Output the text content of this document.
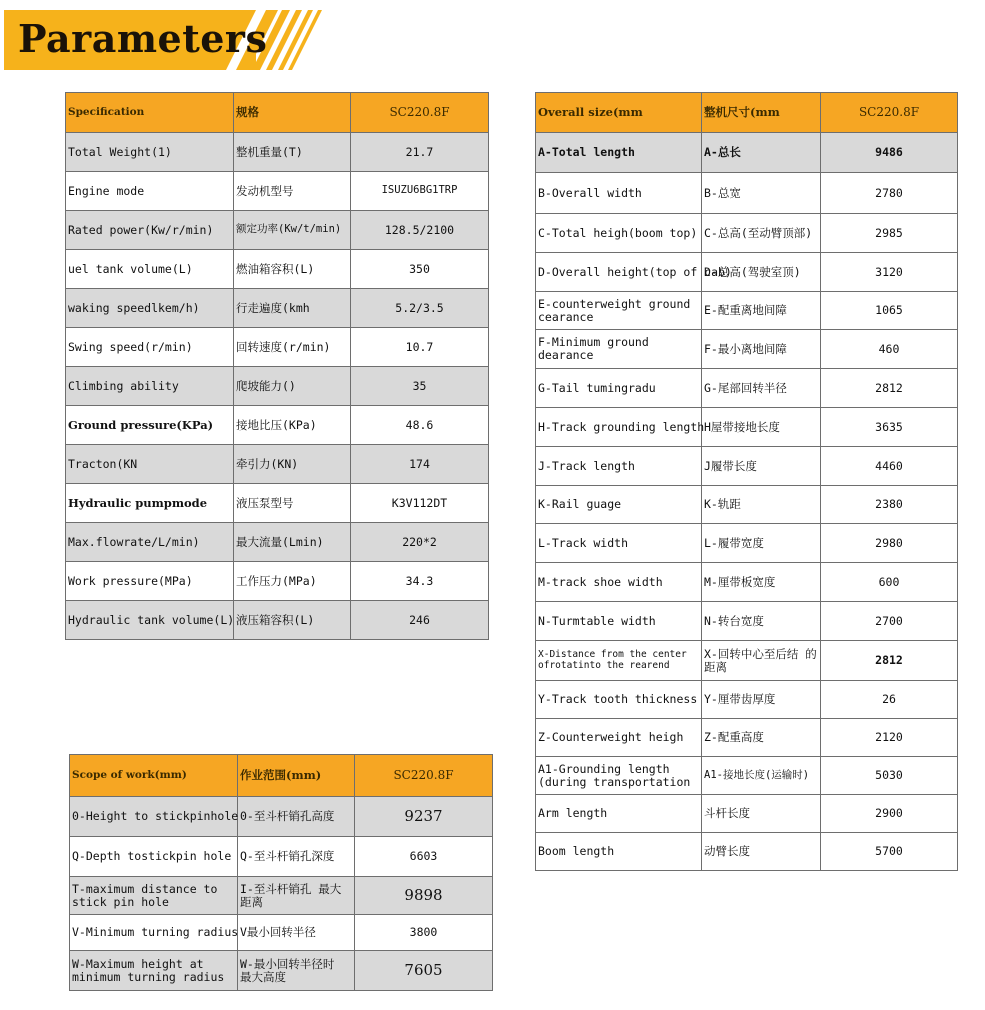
Parameters
Specification	规格	SC220.8F
Total Weight(1)	整机重量(T)	21.7
Engine mode	发动机型号	ISUZU6BG1TRP
Rated power(Kw/r/min)	额定功率(Kw/t/min)	128.5/2100
uel tank volume(L)	燃油箱容积(L)	350
waking speedlkem/h)	行走遍度(kmh	5.2/3.5
Swing speed(r/min)	回转速度(r/min)	10.7
Climbing ability	爬坡能力()	35
Ground pressure(KPa)	接地比压(KPa)	48.6
Tracton(KN	牵引力(KN)	174
Hydraulic pumpmode	液压泵型号	K3V112DT
Max.flowrate/L/min)	最大流量(Lmin)	220*2
Work pressure(MPa)	工作压力(MPa)	34.3
Hydraulic tank volume(L)	液压箱容积(L)	246
Scope of work(mm)	作业范围(mm)	SC220.8F
0-Height to stickpinhole	0-至斗杆销孔高度	9237
Q-Depth tostickpin hole	Q-至斗杆销孔深度	6603
T-maximum distance to stick pin hole	I-至斗杆销孔 最大距离	9898
V-Minimum turning radius	V最小回转半径	3800
W-Maximum height at minimum turning radius	W-最小回转半径时 最大高度	7605
Overall size(mm	整机尺寸(mm	SC220.8F
A-Total length	A-总长	9486
B-Overall width	B-总宽	2780
C-Total heigh(boom top)	C-总高(至动臂顶部)	2985
D-Overall height(top of cab)	D-总高(驾驶室顶)	3120
E-counterweight ground cearance	E-配重离地间障	1065
F-Minimum ground dearance	F-最小离地间障	460
G-Tail tumingradu	G-尾部回转半径	2812
H-Track grounding length	H屋带接地长度	3635
J-Track length	J履带长度	4460
K-Rail guage	K-轨距	2380
L-Track width	L-履带宽度	2980
M-track shoe width	M-厘带板宽度	600
N-Turmtable width	N-转台宽度	2700
X-Distance from the center ofrotatinto the rearend	X-回转中心至后结 的距离	2812
Y-Track tooth thickness	Y-厘带齿厚度	26
Z-Counterweight heigh	Z-配重高度	2120
A1-Grounding length (during transportation	A1-接地长度(运输时)	5030
Arm length	斗杆长度	2900
Boom length	动臂长度	5700
